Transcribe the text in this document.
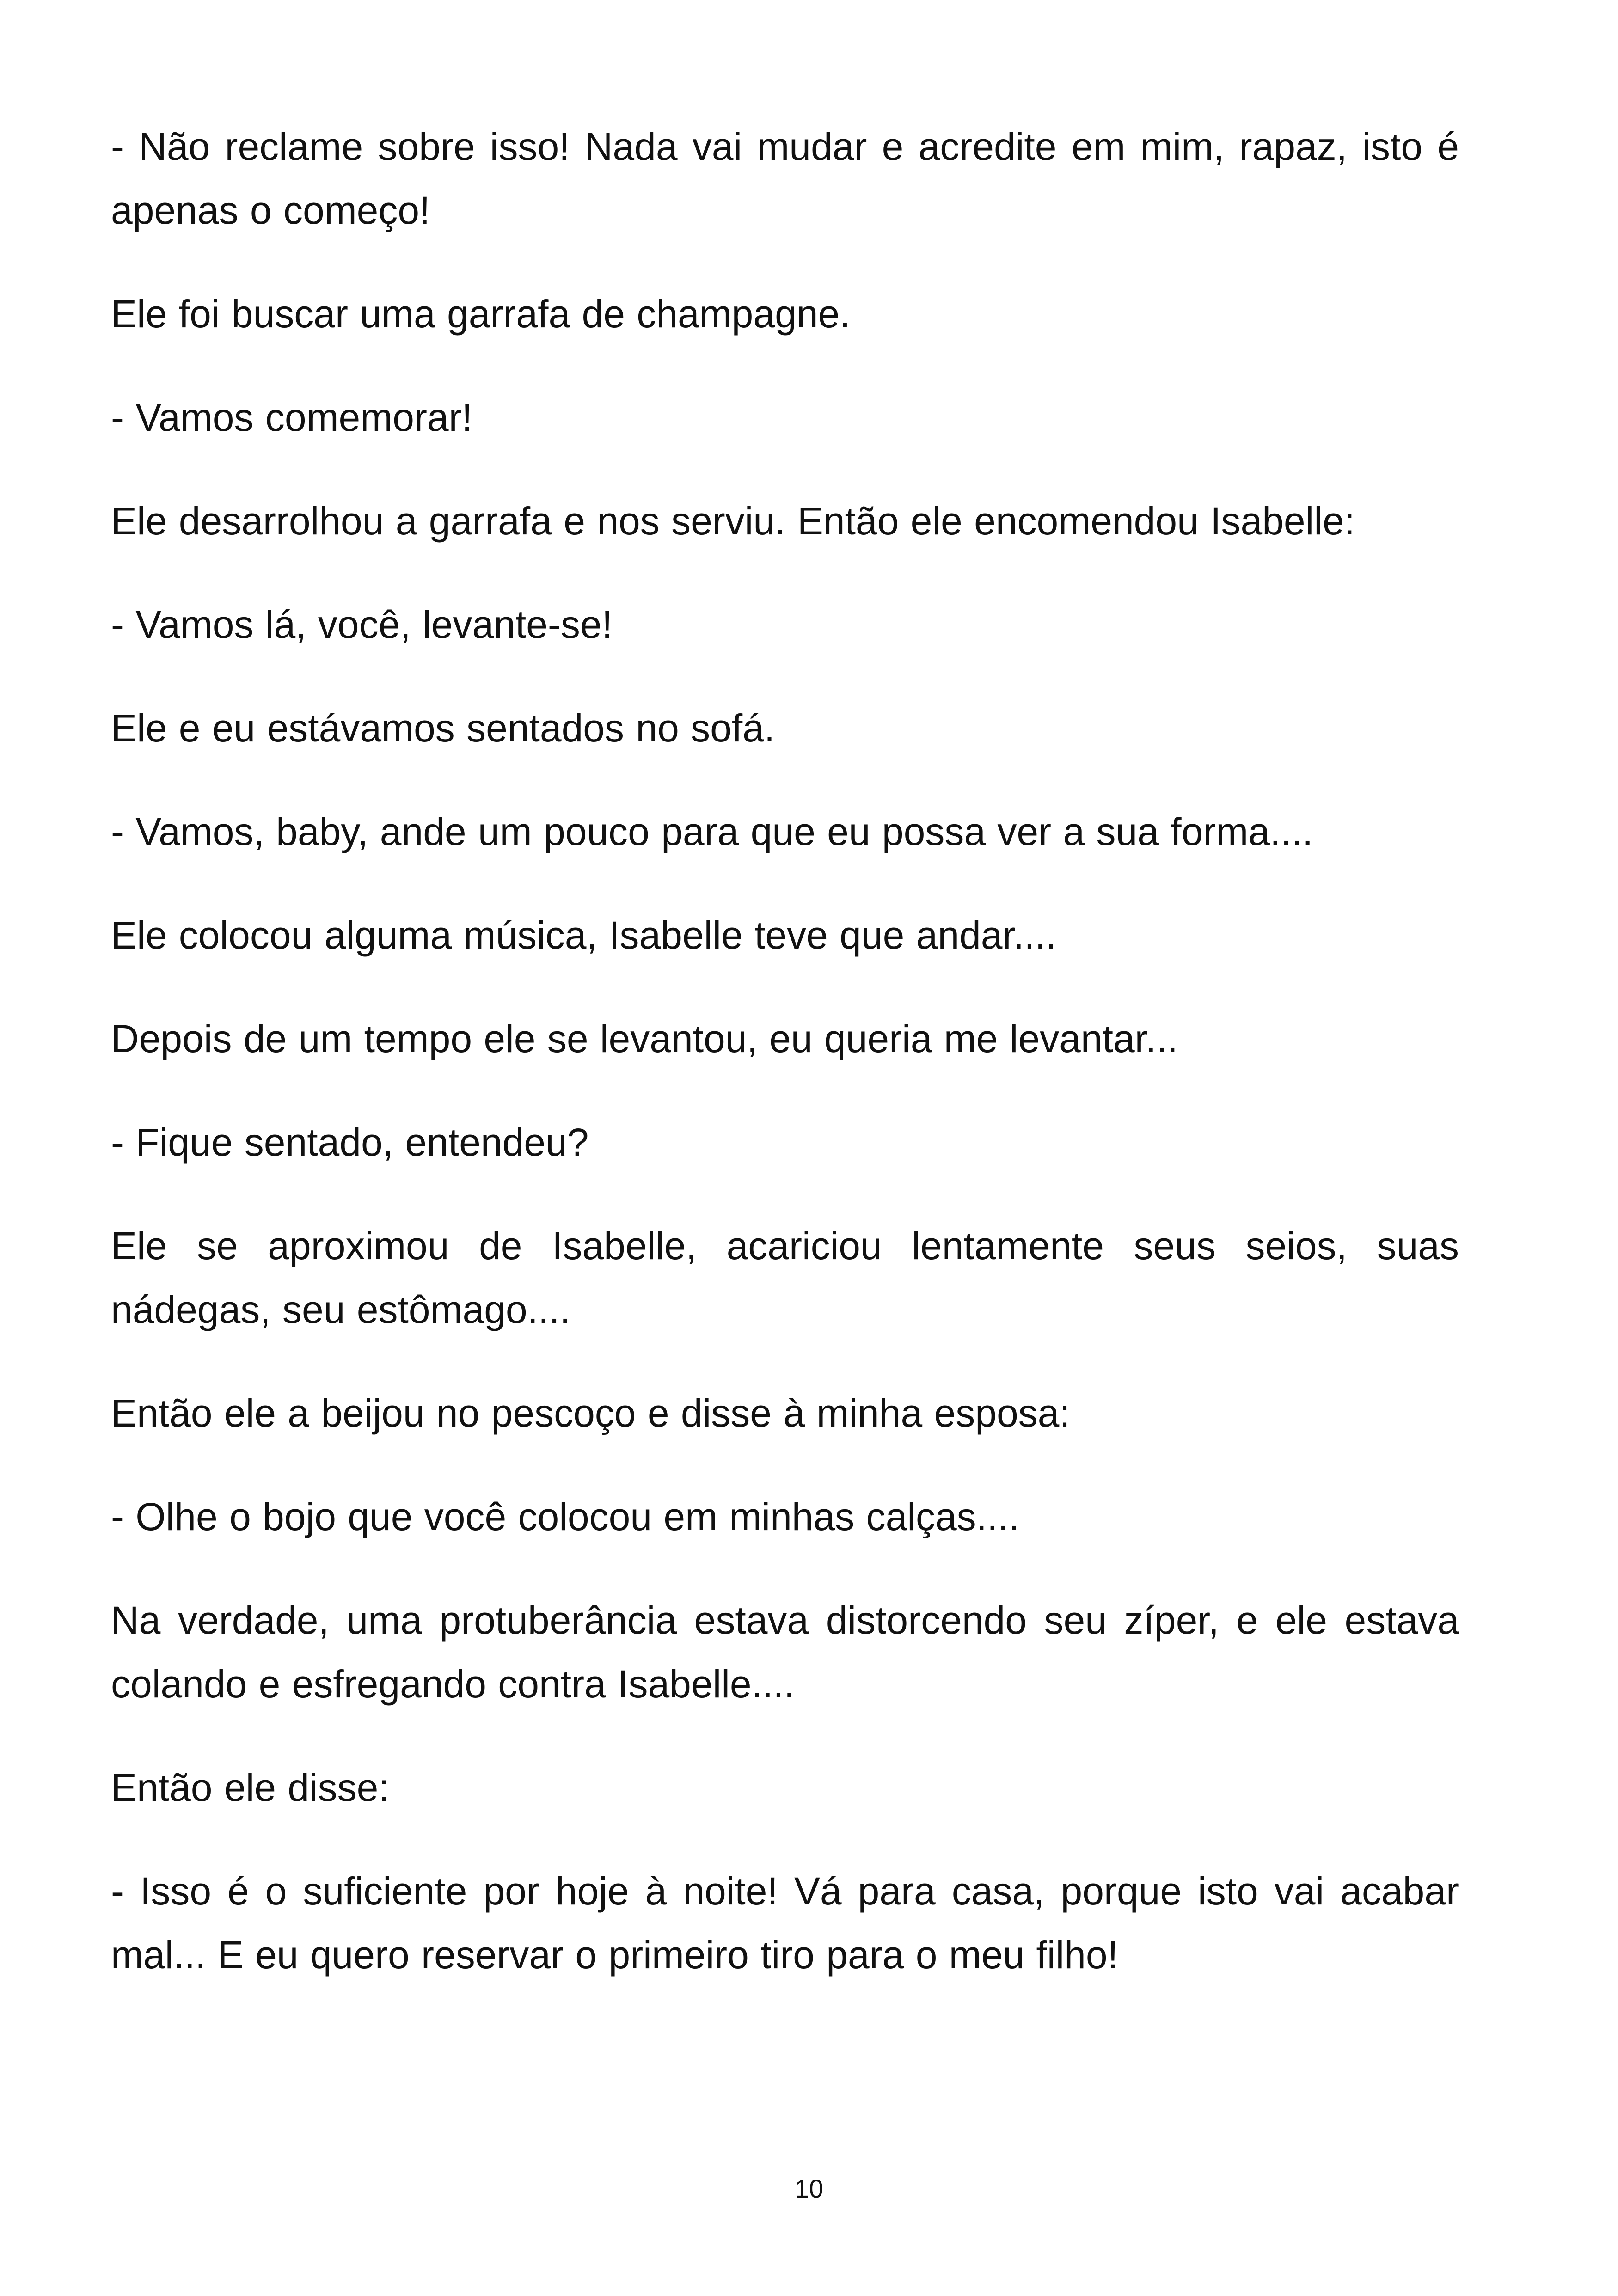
- Não reclame sobre isso! Nada vai mudar e acredite em mim, rapaz, isto é apenas o começo!

Ele foi buscar uma garrafa de champagne.

- Vamos comemorar!

Ele desarrolhou a garrafa e nos serviu. Então ele encomendou Isabelle:

- Vamos lá, você, levante-se!

Ele e eu estávamos sentados no sofá.

- Vamos, baby, ande um pouco para que eu possa ver a sua forma....

Ele colocou alguma música, Isabelle teve que andar....

Depois de um tempo ele se levantou, eu queria me levantar...

- Fique sentado, entendeu?

Ele se aproximou de Isabelle, acariciou lentamente seus seios, suas nádegas, seu estômago....

Então ele a beijou no pescoço e disse à minha esposa:

- Olhe o bojo que você colocou em minhas calças....

Na verdade, uma protuberância estava distorcendo seu zíper, e ele estava colando e esfregando contra Isabelle....

Então ele disse:

- Isso é o suficiente por hoje à noite! Vá para casa, porque isto vai acabar mal... E eu quero reservar o primeiro tiro para o meu filho!

10
